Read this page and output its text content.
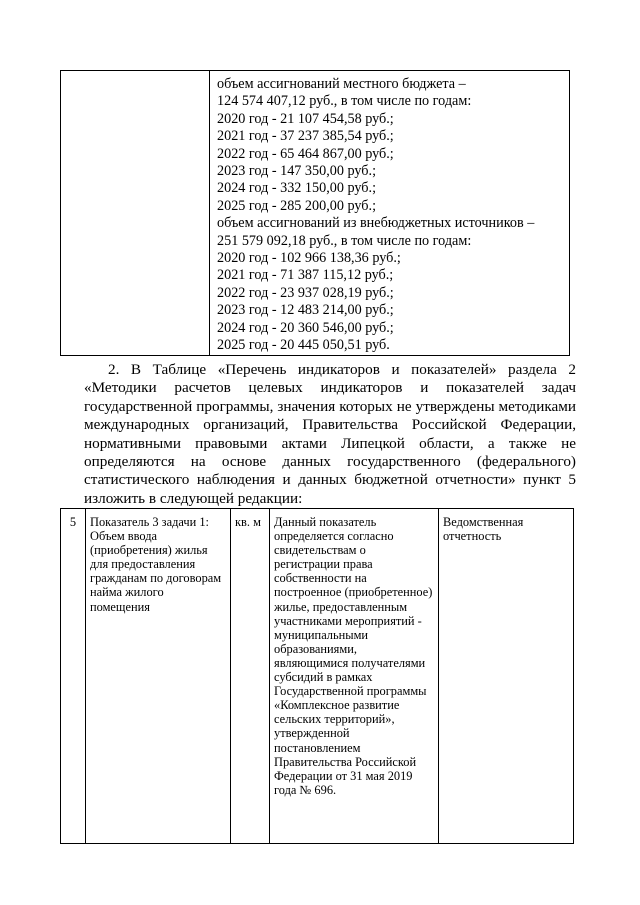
объем ассигнований местного бюджета –
124 574 407,12 руб., в том числе по годам:
2020 год - 21 107 454,58 руб.;
2021 год - 37 237 385,54 руб.;
2022 год - 65 464 867,00 руб.;
2023 год - 147 350,00 руб.;
2024 год - 332 150,00 руб.;
2025 год - 285 200,00 руб.;
объем ассигнований из внебюджетных источников –
251 579 092,18 руб., в том числе по годам:
2020 год - 102 966 138,36 руб.;
2021 год - 71 387 115,12 руб.;
2022 год - 23 937 028,19 руб.;
2023 год - 12 483 214,00 руб.;
2024 год - 20 360 546,00 руб.;
2025 год - 20 445 050,51 руб.
2. В Таблице «Перечень индикаторов и показателей» раздела 2 «Методики расчетов целевых индикаторов и показателей задач государственной программы, значения которых не утверждены методиками международных организаций, Правительства Российской Федерации, нормативными правовыми актами Липецкой области, а также не определяются на основе данных государственного (федерального) статистического наблюдения и данных бюджетной отчетности» пункт 5 изложить в следующей редакции:
5	Показатель 3 задачи 1: Объем ввода (приобретения) жилья для предоставления гражданам по договорам найма жилого помещения	кв. м	Данный показатель определяется согласно свидетельствам о регистрации права собственности на построенное (приобретенное) жилье, предоставленным участниками мероприятий - муниципальными образованиями, являющимися получателями субсидий в рамках Государственной программы «Комплексное развитие сельских территорий», утвержденной постановлением Правительства Российской Федерации от 31 мая 2019 года № 696.	Ведомственная отчетность
